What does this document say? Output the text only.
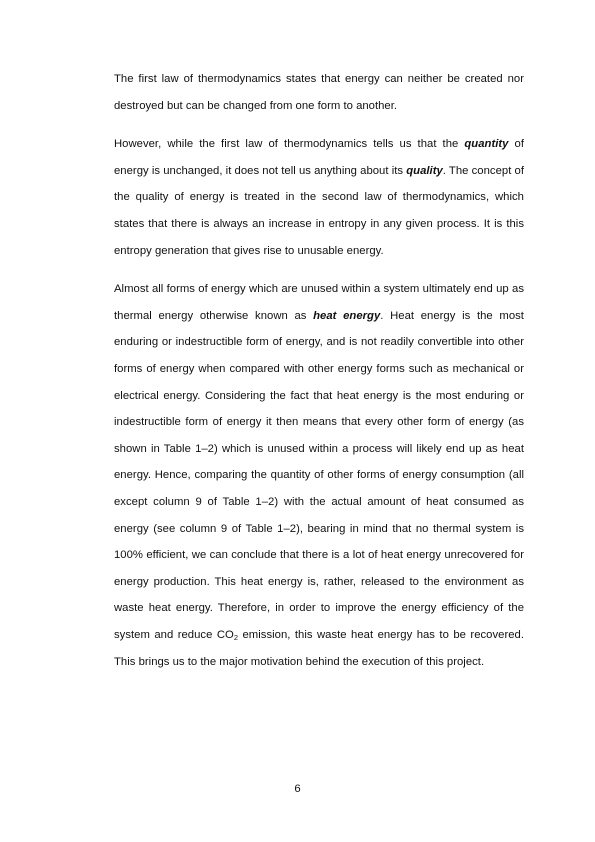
The first law of thermodynamics states that energy can neither be created nor destroyed but can be changed from one form to another.

However, while the first law of thermodynamics tells us that the quantity of energy is unchanged, it does not tell us anything about its quality. The concept of the quality of energy is treated in the second law of thermodynamics, which states that there is always an increase in entropy in any given process. It is this entropy generation that gives rise to unusable energy.

Almost all forms of energy which are unused within a system ultimately end up as thermal energy otherwise known as heat energy. Heat energy is the most enduring or indestructible form of energy, and is not readily convertible into other forms of energy when compared with other energy forms such as mechanical or electrical energy. Considering the fact that heat energy is the most enduring or indestructible form of energy it then means that every other form of energy (as shown in Table 1–2) which is unused within a process will likely end up as heat energy. Hence, comparing the quantity of other forms of energy consumption (all except column 9 of Table 1–2) with the actual amount of heat consumed as energy (see column 9 of Table 1–2), bearing in mind that no thermal system is 100% efficient, we can conclude that there is a lot of heat energy unrecovered for energy production. This heat energy is, rather, released to the environment as waste heat energy. Therefore, in order to improve the energy efficiency of the system and reduce $CO_2$ emission, this waste heat energy has to be recovered. This brings us to the major motivation behind the execution of this project.

6
